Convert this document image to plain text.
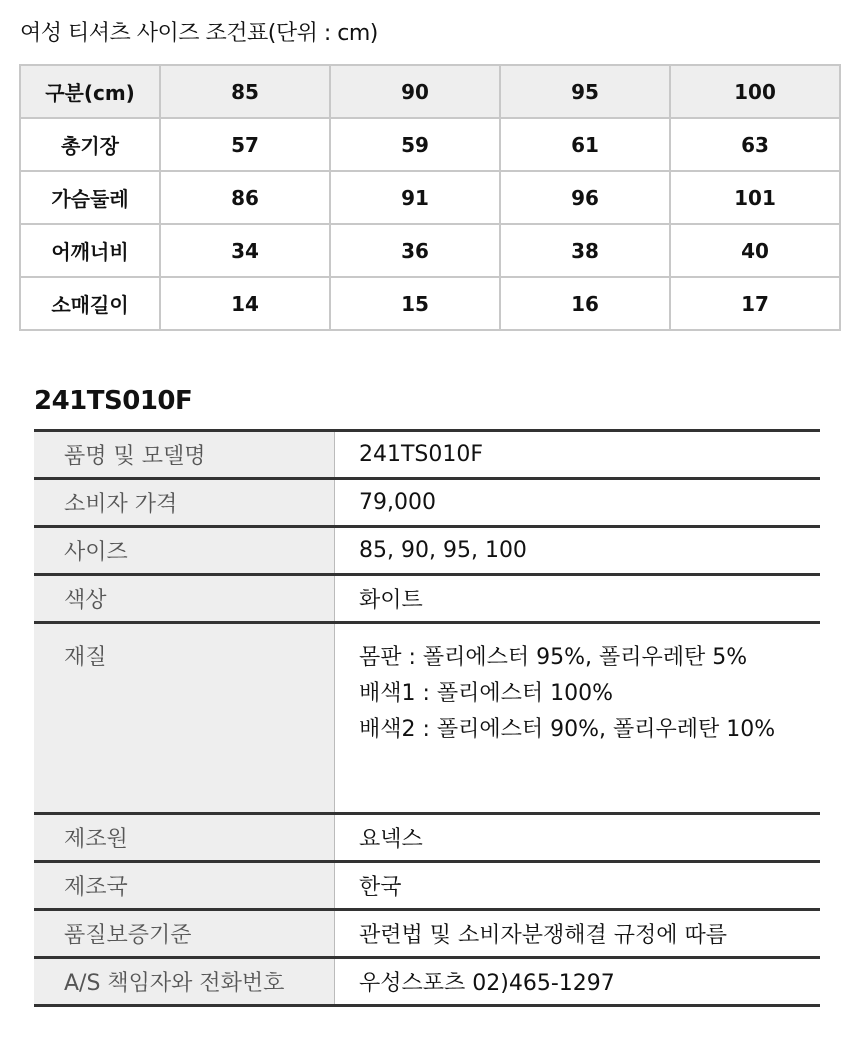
여성 티셔츠 사이즈 조건표(단위 : cm)
구분(cm)	85	90	95	100
총기장	57	59	61	63
가슴둘레	86	91	96	101
어깨너비	34	36	38	40
소매길이	14	15	16	17
241TS010F
품명 및 모델명	241TS010F
소비자 가격	79,000
사이즈	85, 90, 95, 100
색상	화이트
재질	몸판 : 폴리에스터 95%, 폴리우레탄 5%
배색1 : 폴리에스터 100%
배색2 : 폴리에스터 90%, 폴리우레탄 10%

제조원	요넥스
제조국	한국
품질보증기준	관련법 및 소비자분쟁해결 규정에 따름
A/S 책임자와 전화번호	우성스포츠 02)465-1297
